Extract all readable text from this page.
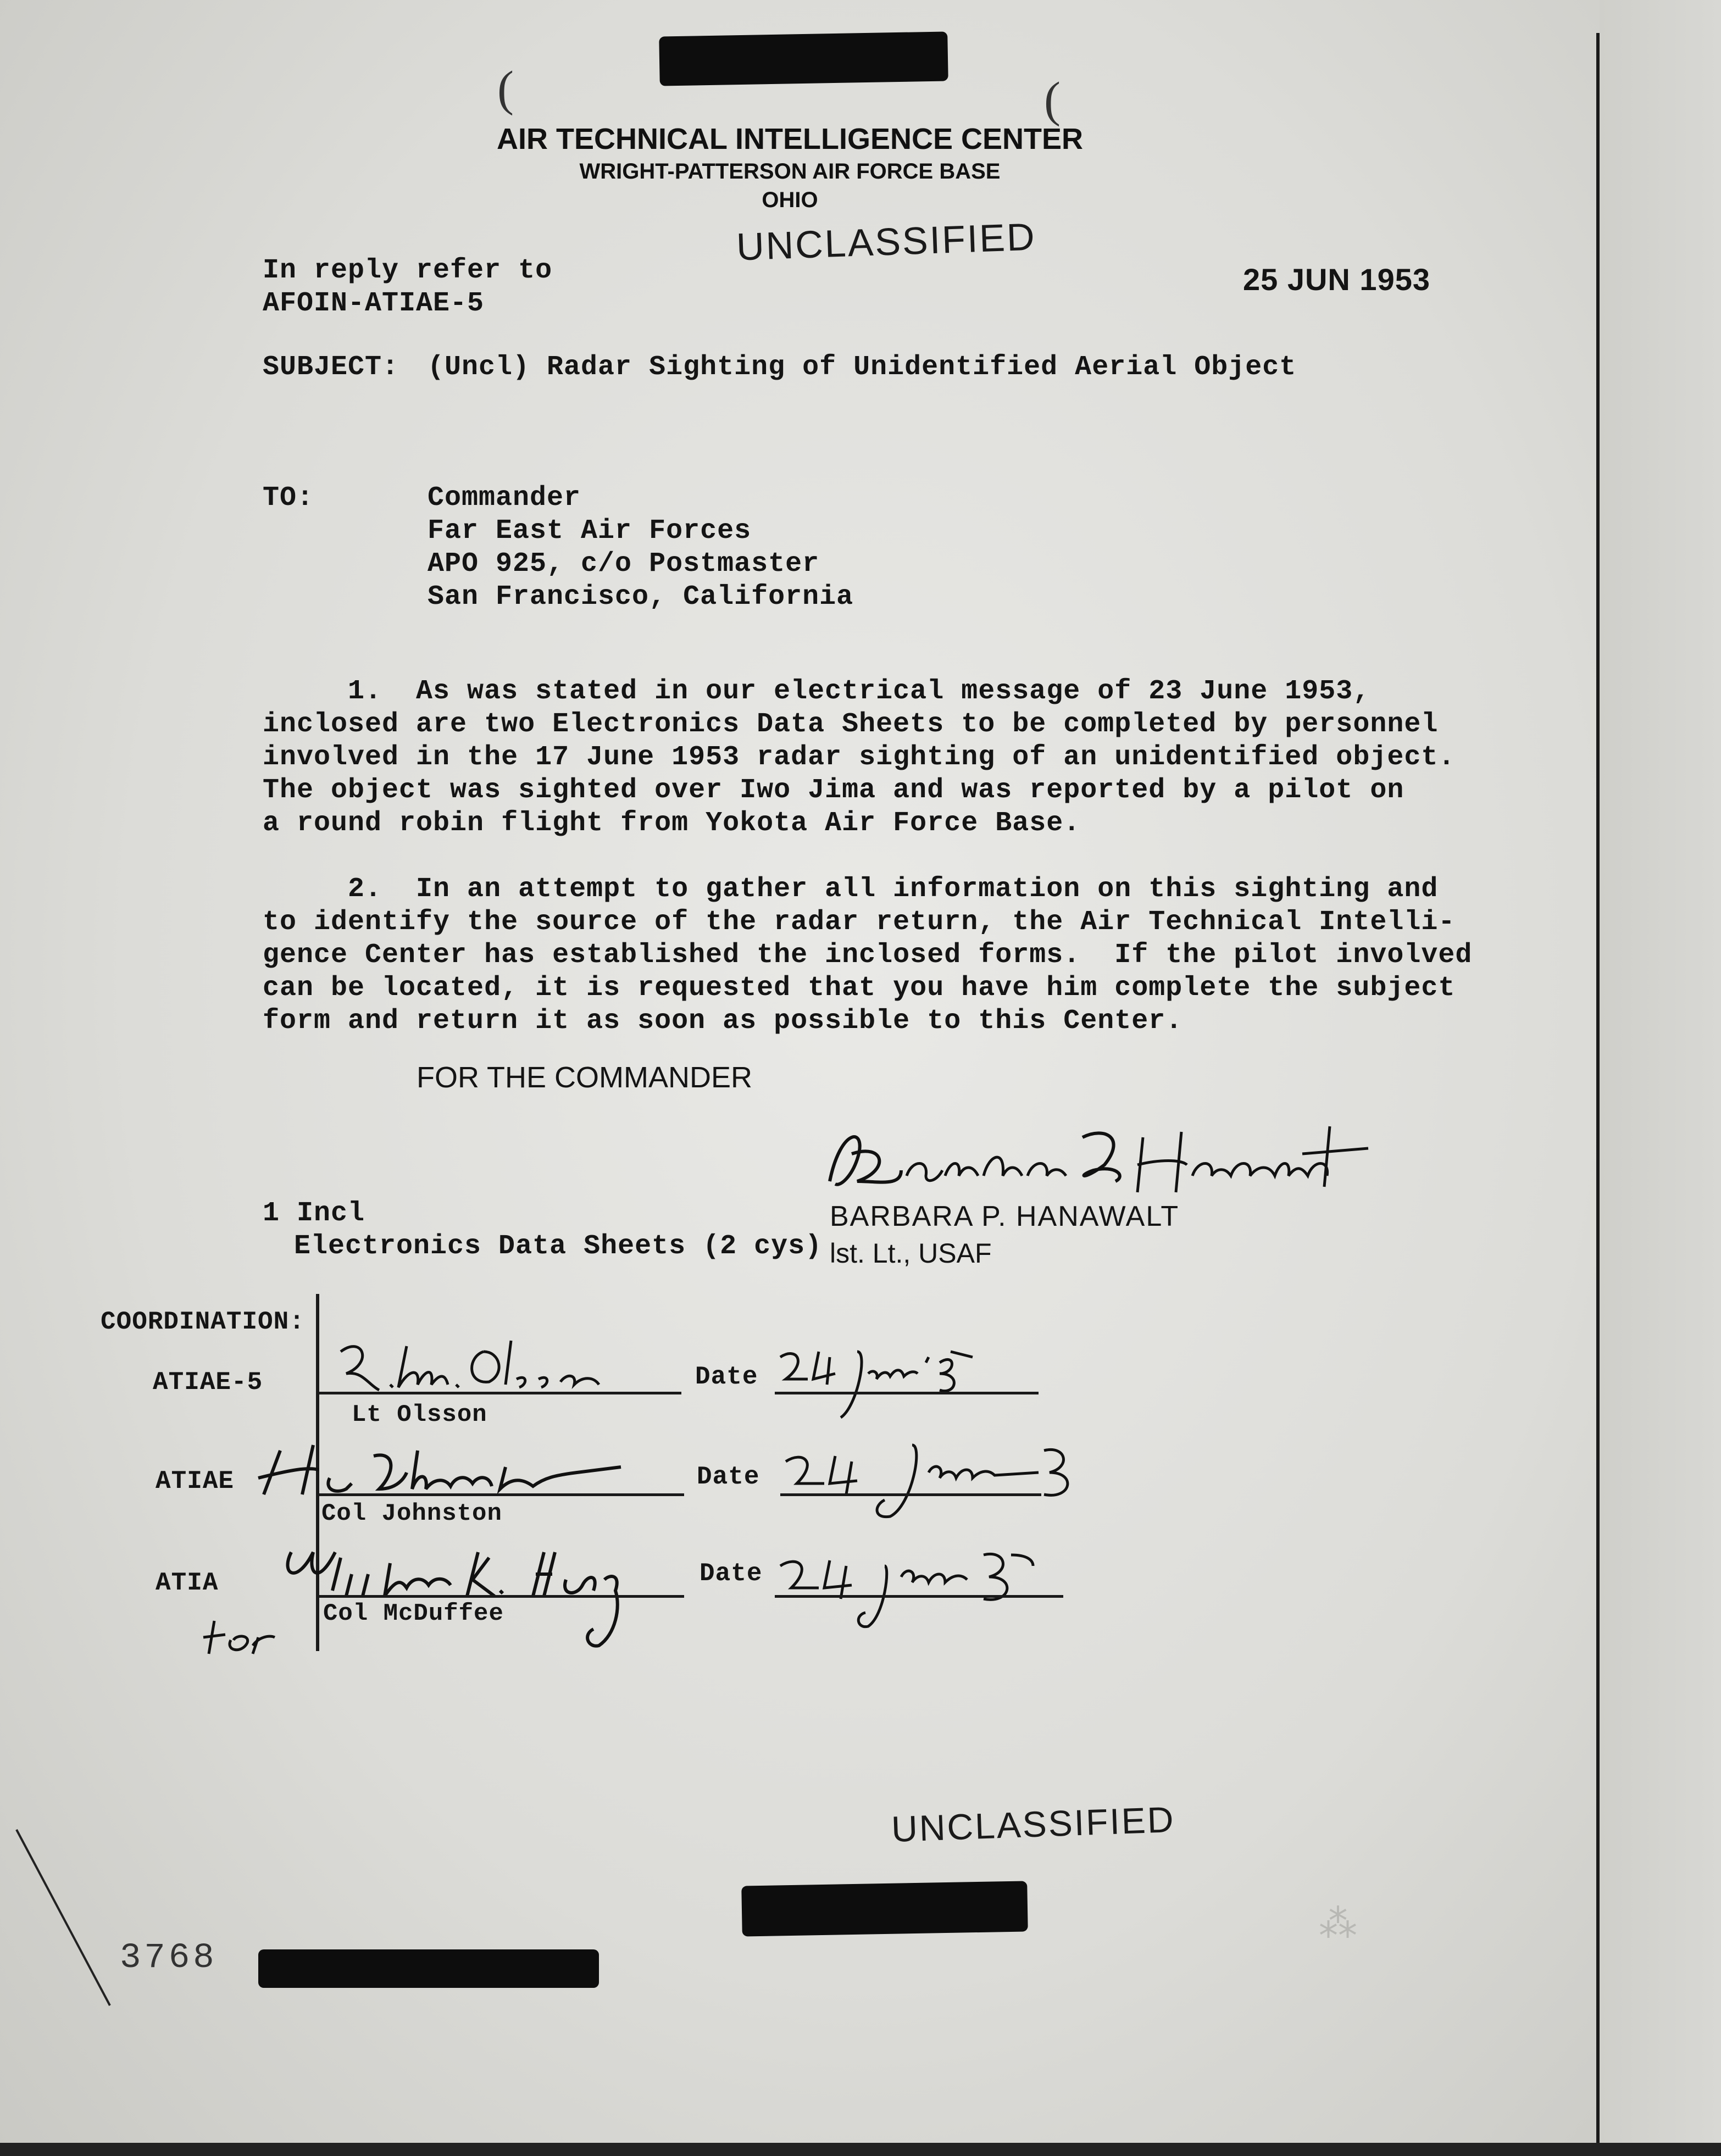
(	(
AIR TECHNICAL INTELLIGENCE CENTER
WRIGHT-PATTERSON AIR FORCE BASE
OHIO
UNCLASSIFIED
In reply refer to
AFOIN-ATIAE-5
25 JUN 1953
SUBJECT: (Uncl) Radar Sighting of Unidentified Aerial Object
TO:	Commander
Far East Air Forces
APO 925, c/o Postmaster
San Francisco, California
1.  As was stated in our electrical message of 23 June 1953,
inclosed are two Electronics Data Sheets to be completed by personnel
involved in the 17 June 1953 radar sighting of an unidentified object.
The object was sighted over Iwo Jima and was reported by a pilot on
a round robin flight from Yokota Air Force Base.
2.  In an attempt to gather all information on this sighting and
to identify the source of the radar return, the Air Technical Intelli-
gence Center has established the inclosed forms.  If the pilot involved
can be located, it is requested that you have him complete the subject
form and return it as soon as possible to this Center.
FOR THE COMMANDER
BARBARA P. HANAWALT
lst. Lt., USAF
1 Incl
Electronics Data Sheets (2 cys)
COORDINATION:
ATIAE-5
Lt Olsson
Date
ATIAE
Col Johnston
Date
ATIA
Col McDuffee
Date
UNCLASSIFIED
3768
⁂
